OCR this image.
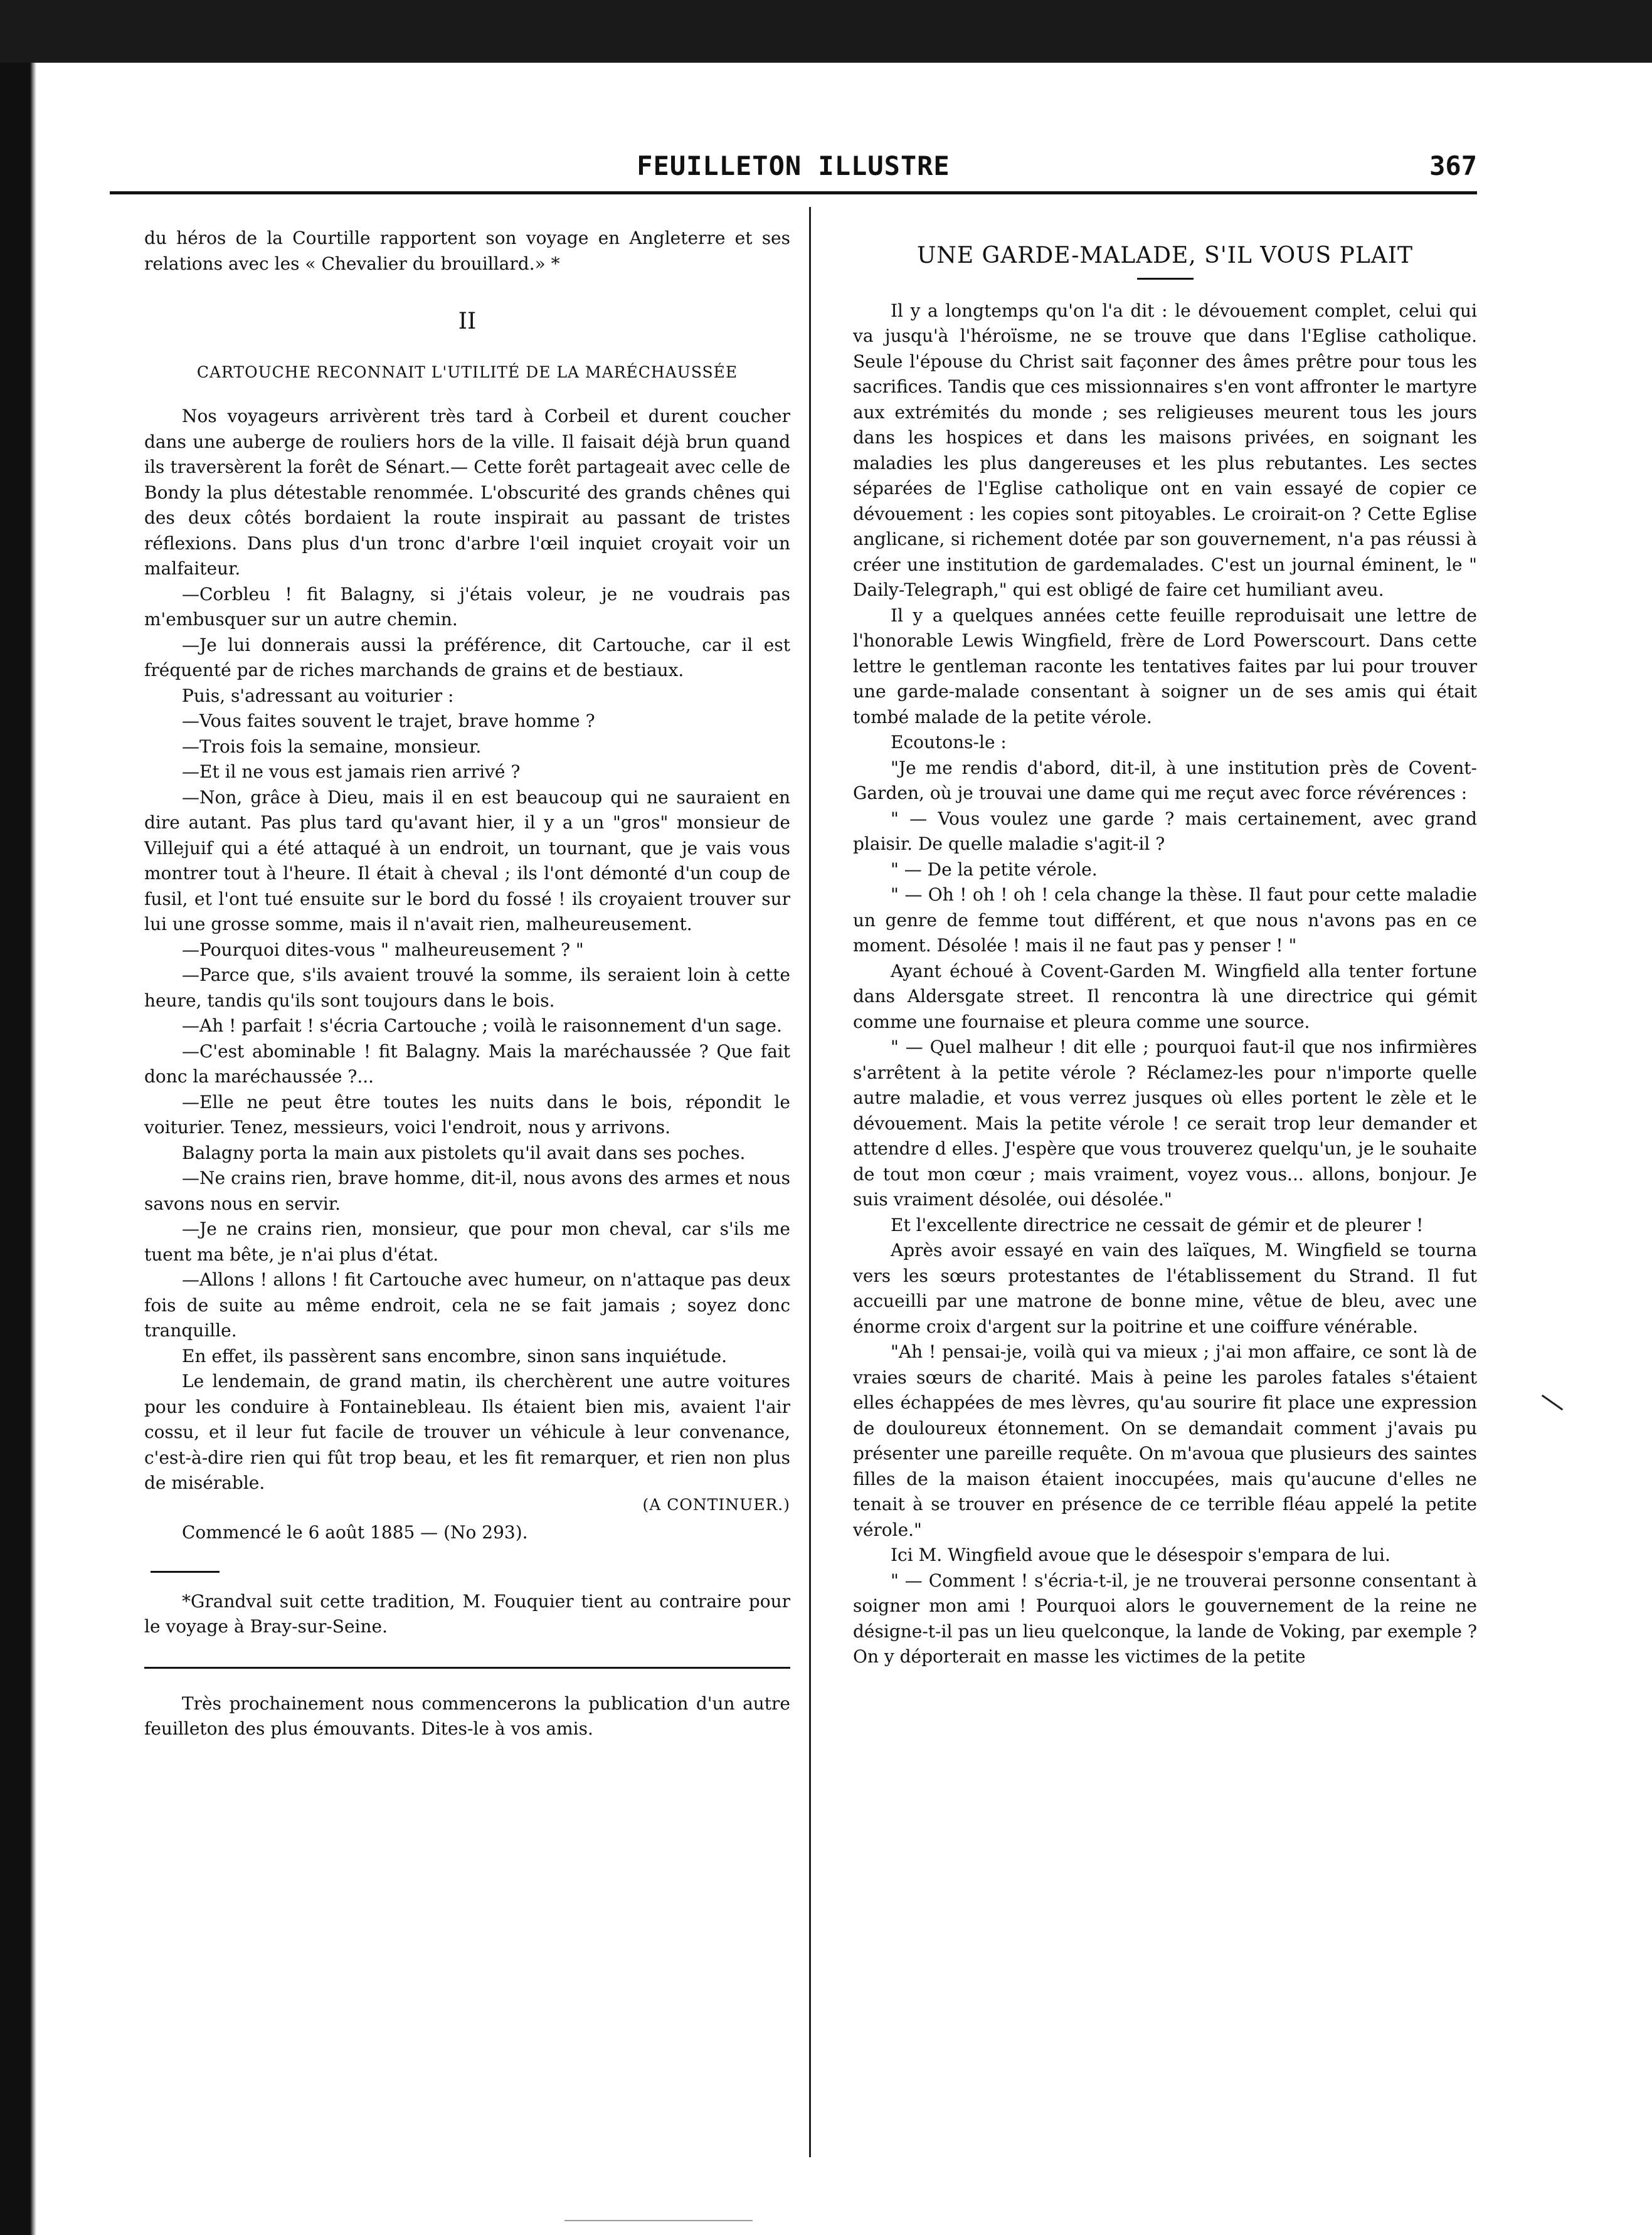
FEUILLETON ILLUSTRE	367

du héros de la Courtille rapportent son voyage en Angleterre et ses relations avec les « Chevalier du brouillard.» *

II
CARTOUCHE RECONNAIT L'UTILITÉ DE LA MARÉCHAUSSÉE

Nos voyageurs arrivèrent très tard à Corbeil et durent coucher dans une auberge de rouliers hors de la ville. Il faisait déjà brun quand ils traversèrent la forêt de Sénart.— Cette forêt partageait avec celle de Bondy la plus détestable renommée. L'obscurité des grands chênes qui des deux côtés bordaient la route inspirait au passant de tristes réflexions. Dans plus d'un tronc d'arbre l'œil inquiet croyait voir un malfaiteur.

—Corbleu ! fit Balagny, si j'étais voleur, je ne voudrais pas m'embusquer sur un autre chemin.

—Je lui donnerais aussi la préférence, dit Cartouche, car il est fréquenté par de riches marchands de grains et de bestiaux.

Puis, s'adressant au voiturier :

—Vous faites souvent le trajet, brave homme ?

—Trois fois la semaine, monsieur.

—Et il ne vous est jamais rien arrivé ?

—Non, grâce à Dieu, mais il en est beaucoup qui ne sauraient en dire autant. Pas plus tard qu'avant hier, il y a un "gros" monsieur de Villejuif qui a été attaqué à un endroit, un tournant, que je vais vous montrer tout à l'heure. Il était à cheval ; ils l'ont démonté d'un coup de fusil, et l'ont tué ensuite sur le bord du fossé ! ils croyaient trouver sur lui une grosse somme, mais il n'avait rien, malheureusement.

—Pourquoi dites-vous " malheureusement ? "

—Parce que, s'ils avaient trouvé la somme, ils seraient loin à cette heure, tandis qu'ils sont toujours dans le bois.

—Ah ! parfait ! s'écria Cartouche ; voilà le raisonnement d'un sage.

—C'est abominable ! fit Balagny. Mais la maréchaussée ? Que fait donc la maréchaussée ?...

—Elle ne peut être toutes les nuits dans le bois, répondit le voiturier. Tenez, messieurs, voici l'endroit, nous y arrivons.

Balagny porta la main aux pistolets qu'il avait dans ses poches.

—Ne crains rien, brave homme, dit-il, nous avons des armes et nous savons nous en servir.

—Je ne crains rien, monsieur, que pour mon cheval, car s'ils me tuent ma bête, je n'ai plus d'état.

—Allons ! allons ! fit Cartouche avec humeur, on n'attaque pas deux fois de suite au même endroit, cela ne se fait jamais ; soyez donc tranquille.

En effet, ils passèrent sans encombre, sinon sans inquiétude.

Le lendemain, de grand matin, ils cherchèrent une autre voitures pour les conduire à Fontainebleau. Ils étaient bien mis, avaient l'air cossu, et il leur fut facile de trouver un véhicule à leur convenance, c'est-à-dire rien qui fût trop beau, et les fit remarquer, et rien non plus de misérable.

(A CONTINUER.)

Commencé le 6 août 1885 — (No 293).

*Grandval suit cette tradition, M. Fouquier tient au contraire pour le voyage à Bray-sur-Seine.

Très prochainement nous commencerons la publication d'un autre feuilleton des plus émouvants. Dites-le à vos amis.

UNE GARDE-MALADE, S'IL VOUS PLAIT

Il y a longtemps qu'on l'a dit : le dévouement complet, celui qui va jusqu'à l'héroïsme, ne se trouve que dans l'Eglise catholique. Seule l'épouse du Christ sait façonner des âmes prêtre pour tous les sacrifices. Tandis que ces missionnaires s'en vont affronter le martyre aux extrémités du monde ; ses religieuses meurent tous les jours dans les hospices et dans les maisons privées, en soignant les maladies les plus dangereuses et les plus rebutantes. Les sectes séparées de l'Eglise catholique ont en vain essayé de copier ce dévouement : les copies sont pitoyables. Le croirait-on ? Cette Eglise anglicane, si richement dotée par son gouvernement, n'a pas réussi à créer une institution de gardemalades. C'est un journal éminent, le " Daily-Telegraph," qui est obligé de faire cet humiliant aveu.

Il y a quelques années cette feuille reproduisait une lettre de l'honorable Lewis Wingfield, frère de Lord Powerscourt. Dans cette lettre le gentleman raconte les tentatives faites par lui pour trouver une garde-malade consentant à soigner un de ses amis qui était tombé malade de la petite vérole.

Ecoutons-le :

"Je me rendis d'abord, dit-il, à une institution près de Covent-Garden, où je trouvai une dame qui me reçut avec force révérences :

" — Vous voulez une garde ? mais certainement, avec grand plaisir. De quelle maladie s'agit-il ?

" — De la petite vérole.

" — Oh ! oh ! oh ! cela change la thèse. Il faut pour cette maladie un genre de femme tout différent, et que nous n'avons pas en ce moment. Désolée ! mais il ne faut pas y penser ! "

Ayant échoué à Covent-Garden M. Wingfield alla tenter fortune dans Aldersgate street. Il rencontra là une directrice qui gémit comme une fournaise et pleura comme une source.

" — Quel malheur ! dit elle ; pourquoi faut-il que nos infirmières s'arrêtent à la petite vérole ? Réclamez-les pour n'importe quelle autre maladie, et vous verrez jusques où elles portent le zèle et le dévouement. Mais la petite vérole ! ce serait trop leur demander et attendre d elles. J'espère que vous trouverez quelqu'un, je le souhaite de tout mon cœur ; mais vraiment, voyez vous... allons, bonjour. Je suis vraiment désolée, oui désolée."

Et l'excellente directrice ne cessait de gémir et de pleurer !

Après avoir essayé en vain des laïques, M. Wingfield se tourna vers les sœurs protestantes de l'établissement du Strand. Il fut accueilli par une matrone de bonne mine, vêtue de bleu, avec une énorme croix d'argent sur la poitrine et une coiffure vénérable.

"Ah ! pensai-je, voilà qui va mieux ; j'ai mon affaire, ce sont là de vraies sœurs de charité. Mais à peine les paroles fatales s'étaient elles échappées de mes lèvres, qu'au sourire fit place une expression de douloureux étonnement. On se demandait comment j'avais pu présenter une pareille requête. On m'avoua que plusieurs des saintes filles de la maison étaient inoccupées, mais qu'aucune d'elles ne tenait à se trouver en présence de ce terrible fléau appelé la petite vérole."

Ici M. Wingfield avoue que le désespoir s'empara de lui.

" — Comment ! s'écria-t-il, je ne trouverai personne consentant à soigner mon ami ! Pourquoi alors le gouvernement de la reine ne désigne-t-il pas un lieu quelconque, la lande de Voking, par exemple ? On y déporterait en masse les victimes de la petite
